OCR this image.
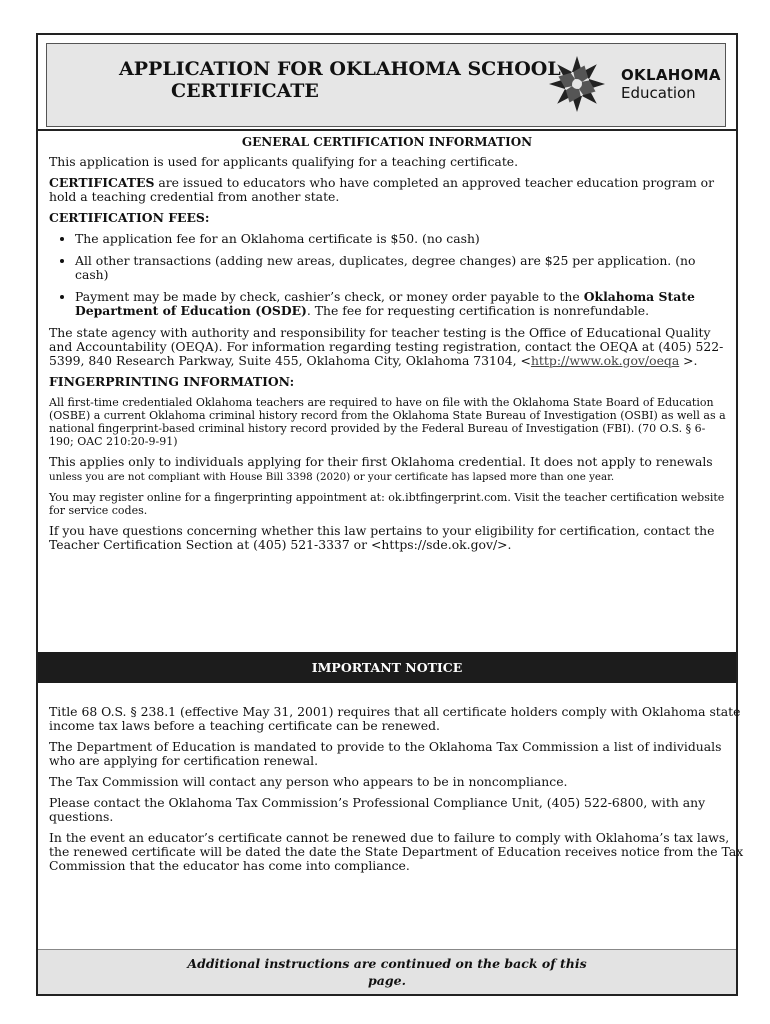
APPLICATION FOR OKLAHOMA SCHOOL
CERTIFICATE
OKLAHOMA
Education
GENERAL CERTIFICATION INFORMATION

This application is used for applicants qualifying for a teaching certificate.

CERTIFICATES are issued to educators who have completed an approved teacher education program or hold a teaching credential from another state.

CERTIFICATION FEES:

• The application fee for an Oklahoma certificate is $50. (no cash)
• All other transactions (adding new areas, duplicates, degree changes) are $25 per application. (no cash)
• Payment may be made by check, cashier’s check, or money order payable to the Oklahoma State Department of Education (OSDE). The fee for requesting certification is nonrefundable.

The state agency with authority and responsibility for teacher testing is the Office of Educational Quality and Accountability (OEQA). For information regarding testing registration, contact the OEQA at (405) 522-5399, 840 Research Parkway, Suite 455, Oklahoma City, Oklahoma 73104, <http://www.ok.gov/oeqa >.

FINGERPRINTING INFORMATION:

All first-time credentialed Oklahoma teachers are required to have on file with the Oklahoma State Board of Education (OSBE) a current Oklahoma criminal history record from the Oklahoma State Bureau of Investigation (OSBI) as well as a national fingerprint-based criminal history record provided by the Federal Bureau of Investigation (FBI). (70 O.S. § 6-190; OAC 210:20-9-91)

This applies only to individuals applying for their first Oklahoma credential. It does not apply to renewals
unless you are not compliant with House Bill 3398 (2020) or your certificate has lapsed more than one year.

You may register online for a fingerprinting appointment at: ok.ibtfingerprint.com. Visit the teacher certification website for service codes.

If you have questions concerning whether this law pertains to your eligibility for certification, contact the Teacher Certification Section at (405) 521-3337 or <https://sde.ok.gov/>.

IMPORTANT NOTICE

Title 68 O.S. § 238.1 (effective May 31, 2001) requires that all certificate holders comply with Oklahoma state income tax laws before a teaching certificate can be renewed.

The Department of Education is mandated to provide to the Oklahoma Tax Commission a list of individuals who are applying for certification renewal.

The Tax Commission will contact any person who appears to be in noncompliance.

Please contact the Oklahoma Tax Commission’s Professional Compliance Unit, (405) 522-6800, with any questions.

In the event an educator’s certificate cannot be renewed due to failure to comply with Oklahoma’s tax laws, the renewed certificate will be dated the date the State Department of Education receives notice from the Tax Commission that the educator has come into compliance.

Additional instructions are continued on the back of this
page.
